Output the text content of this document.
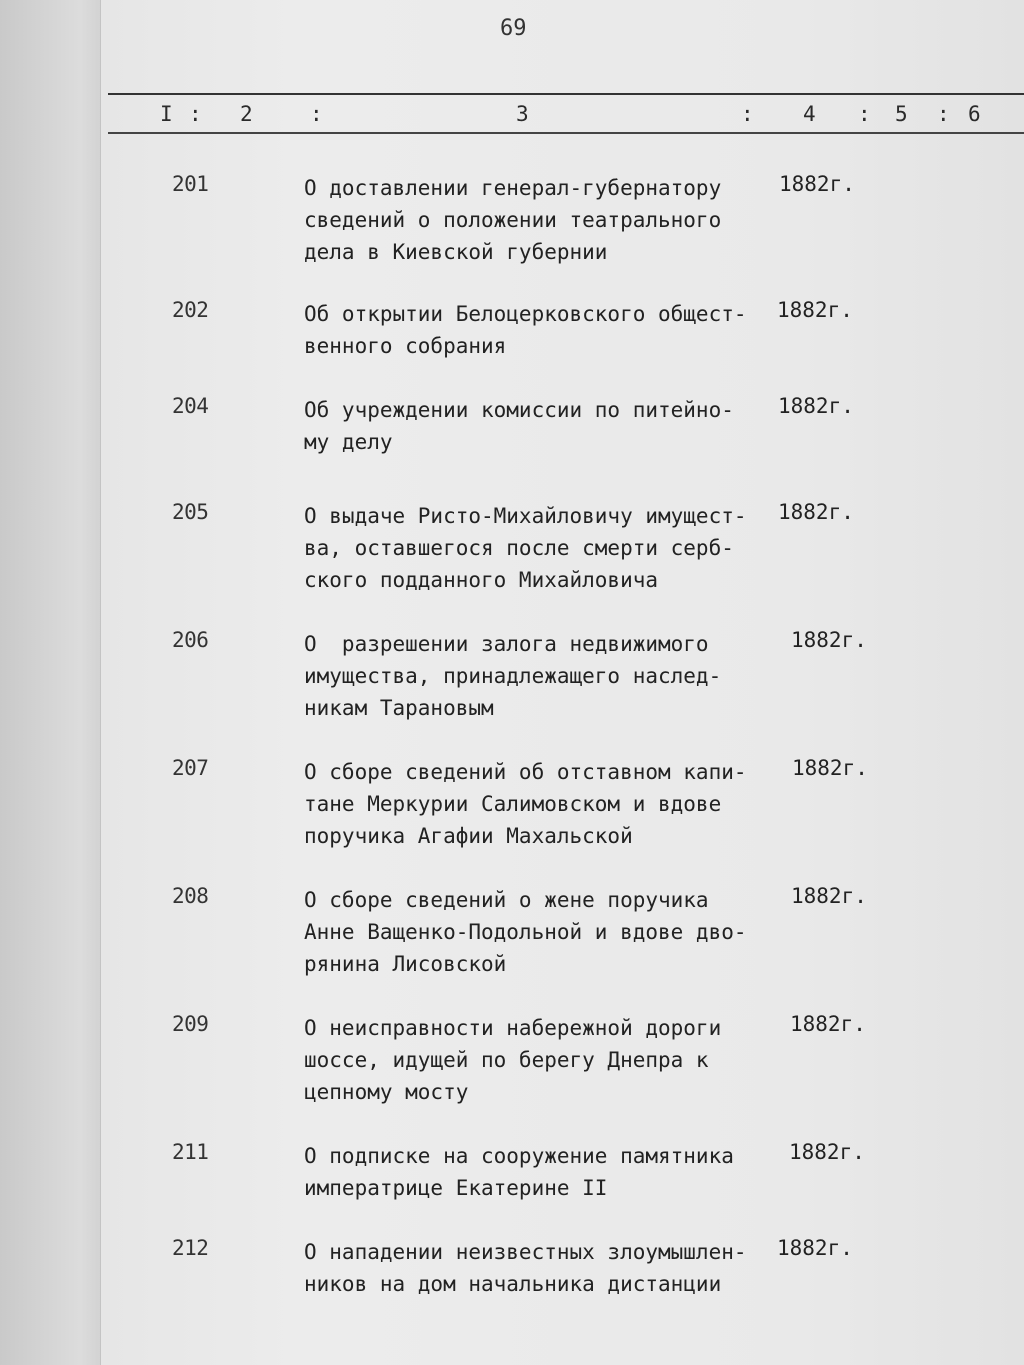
69
I : 2	:	3	: 4 : 5 : 6
201	О доставлении генерал-губернатору
сведений о положении театрального
дела в Киевской губернии
1882г.
202	Об открытии Белоцерковского общест-
венного собрания
1882г.
204	Об учреждении комиссии по питейно-
му делу
1882г.
205	О выдаче Ристо-Михайловичу имущест-
ва, оставшегося после смерти серб-
ского подданного Михайловича
1882г.
206	О  разрешении залога недвижимого
имущества, принадлежащего наслед-
никам Тарановым
1882г.
207	О сборе сведений об отставном капи-
тане Меркурии Салимовском и вдове
поручика Агафии Махальской
1882г.
208	О сборе сведений о жене поручика
Анне Ващенко-Подольной и вдове дво-
рянина Лисовской
1882г.
209	О неисправности набережной дороги
шоссе, идущей по берегу Днепра к
цепному мосту
1882г.
211	О подписке на сооружение памятника
императрице Екатерине II
1882г.
212	О нападении неизвестных злоумышлен-
ников на дом начальника дистанции
1882г.
